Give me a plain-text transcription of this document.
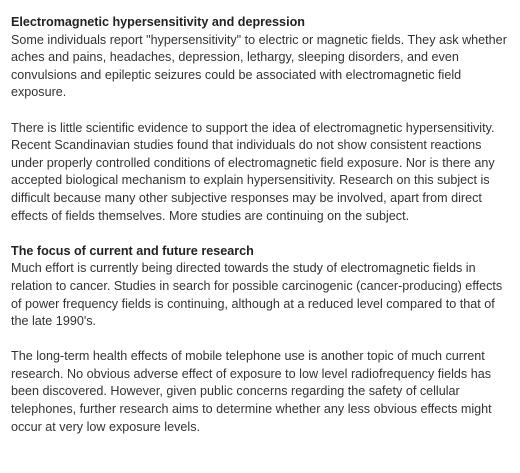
Electromagnetic hypersensitivity and depression

Some individuals report "hypersensitivity" to electric or magnetic fields. They ask whether aches and pains, headaches, depression, lethargy, sleeping disorders, and even convulsions and epileptic seizures could be associated with electromagnetic field exposure.

There is little scientific evidence to support the idea of electromagnetic hypersensitivity. Recent Scandinavian studies found that individuals do not show consistent reactions under properly controlled conditions of electromagnetic field exposure. Nor is there any accepted biological mechanism to explain hypersensitivity. Research on this subject is difficult because many other subjective responses may be involved, apart from direct effects of fields themselves. More studies are continuing on the subject.

The focus of current and future research

Much effort is currently being directed towards the study of electromagnetic fields in relation to cancer. Studies in search for possible carcinogenic (cancer-producing) effects of power frequency fields is continuing, although at a reduced level compared to that of the late 1990's.

The long-term health effects of mobile telephone use is another topic of much current research. No obvious adverse effect of exposure to low level radiofrequency fields has been discovered. However, given public concerns regarding the safety of cellular telephones, further research aims to determine whether any less obvious effects might occur at very low exposure levels.
